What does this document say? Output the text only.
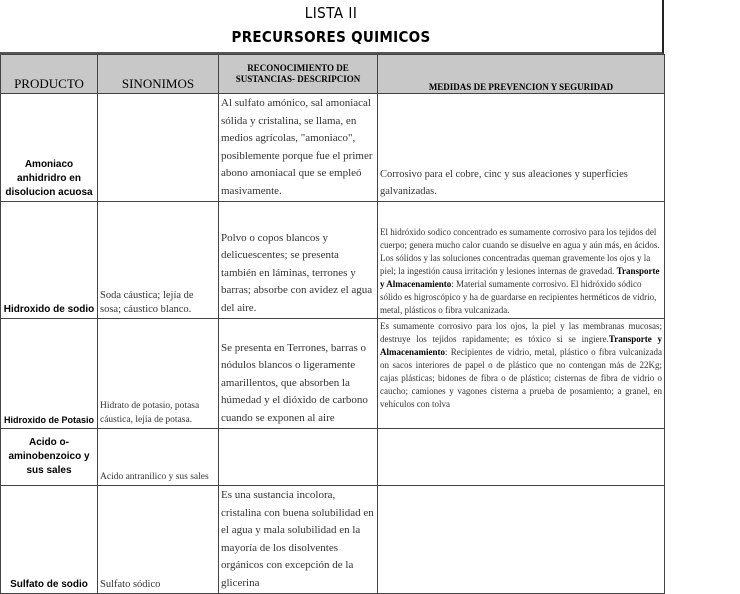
LISTA II
PRECURSORES QUIMICOS
PRODUCTO	SINONIMOS	RECONOCIMIENTO DE SUSTANCIAS- DESCRIPCION	MEDIDAS DE PREVENCION Y SEGURIDAD
Amoniaco anhidridro en disolucion acuosa		Al sulfato amónico, sal amoniacal sólida y cristalina, se llama, en medios agrícolas, "amoniaco", posiblemente porque fue el primer abono amoniacal que se empleó masivamente.	Corrosivo para el cobre, cinc y sus aleaciones y superficies galvanizadas.
Hidroxido de sodio	Soda cáustica; lejía de sosa; cáustico blanco.	Polvo o copos blancos y delicuescentes; se presenta también en láminas, terrones y barras; absorbe con avidez el agua del aire.	El hidróxido sodico concentrado es sumamente corrosivo para los tejidos del cuerpo; genera mucho calor cuando se disuelve en agua y aún más, en ácidos. Los sólidos y las soluciones concentradas queman gravemente los ojos y la piel; la ingestión causa irritación y lesiones internas de gravedad. Transporte y Almacenamiento: Material sumamente corrosivo. El hidróxido sódico sólido es higroscópico y ha de guardarse en recipientes herméticos de vidrio, metal, plásticos o fibra vulcanizada.
Hidroxido de Potasio	Hidrato de potasio, potasa cáustica, lejía de potasa.	Se presenta en Terrones, barras o nódulos blancos o ligeramente amarillentos, que absorben la húmedad y el dióxido de carbono cuando se exponen al aire	Es sumamente corrosivo para los ojos, la piel y las membranas mucosas; destruye los tejidos rapidamente; es tóxico si se ingiere.Transporte y Almacenamiento: Recipientes de vidrio, metal, plástico o fibra vulcanizada on sacos interiores de papel o de plástico que no contengan más de 22Kg; cajas plásticas; bidones de fibra o de plástico; cisternas de fibra de vidrio o caucho; camiones y vagones cisterna a prueba de posamiento; a granel, en vehículos con tolva
Acido o-aminobenzoico y sus sales	Acido antranilico y sus sales		
Sulfato de sodio	Sulfato sódico	Es una sustancia incolora, cristalina con buena solubilidad en el agua y mala solubilidad en la mayoría de los disolventes orgánicos con excepción de la glicerina	
